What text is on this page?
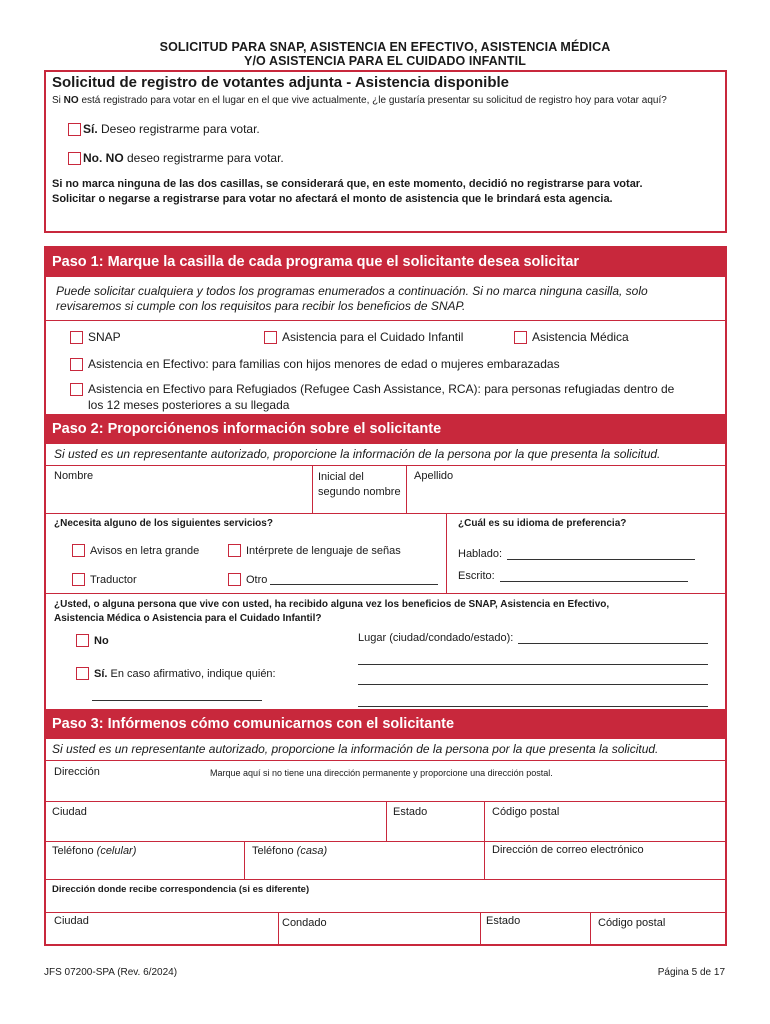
SOLICITUD PARA SNAP, ASISTENCIA EN EFECTIVO, ASISTENCIA MÉDICA
Y/O ASISTENCIA PARA EL CUIDADO INFANTIL
Solicitud de registro de votantes adjunta - Asistencia disponible
Si NO está registrado para votar en el lugar en el que vive actualmente, ¿le gustaría presentar su solicitud de registro hoy para votar aquí?
Sí. Deseo registrarme para votar.
No. NO deseo registrarme para votar.
Si no marca ninguna de las dos casillas, se considerará que, en este momento, decidió no registrarse para votar.
Solicitar o negarse a registrarse para votar no afectará el monto de asistencia que le brindará esta agencia.
Paso 1: Marque la casilla de cada programa que el solicitante desea solicitar
Puede solicitar cualquiera y todos los programas enumerados a continuación. Si no marca ninguna casilla, solo
revisaremos si cumple con los requisitos para recibir los beneficios de SNAP.
SNAP	Asistencia para el Cuidado Infantil	Asistencia Médica
Asistencia en Efectivo: para familias con hijos menores de edad o mujeres embarazadas
Asistencia en Efectivo para Refugiados (Refugee Cash Assistance, RCA): para personas refugiadas dentro de
los 12 meses posteriores a su llegada
Paso 2: Proporciónenos información sobre el solicitante
Si usted es un representante autorizado, proporcione la información de la persona por la que presenta la solicitud.
Nombre	Inicial del
segundo nombre
Apellido
¿Necesita alguno de los siguientes servicios?	¿Cuál es su idioma de preferencia?
Avisos en letra grande	Intérprete de lenguaje de señas
Traductor	Otro
Hablado:
Escrito:
¿Usted, o alguna persona que vive con usted, ha recibido alguna vez los beneficios de SNAP, Asistencia en Efectivo,
Asistencia Médica o Asistencia para el Cuidado Infantil?
No
Sí. En caso afirmativo, indique quién:
Lugar (ciudad/condado/estado):
Paso 3: Infórmenos cómo comunicarnos con el solicitante
Si usted es un representante autorizado, proporcione la información de la persona por la que presenta la solicitud.
Dirección	Marque aquí si no tiene una dirección permanente y proporcione una dirección postal.
Ciudad	Estado	Código postal
Teléfono (celular)	Teléfono (casa)	Dirección de correo electrónico
Dirección donde recibe correspondencia (si es diferente)
Ciudad	Condado	Estado	Código postal
JFS 07200-SPA (Rev. 6/2024)	Página 5 de 17
